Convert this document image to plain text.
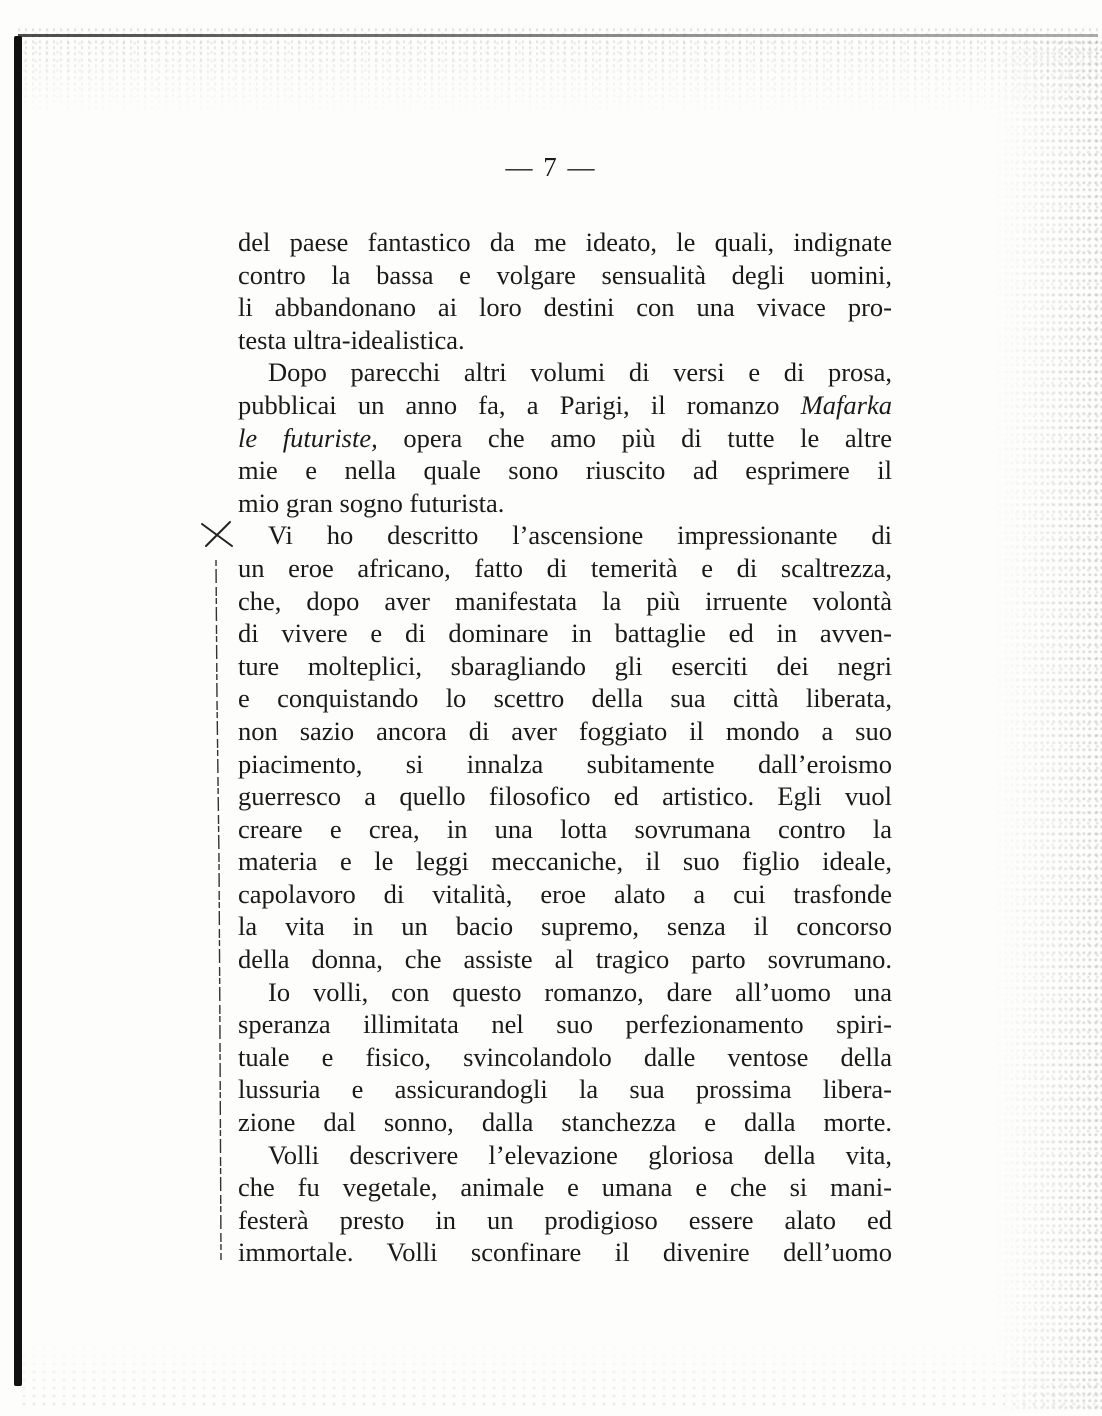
— 7 —
del paese fantastico da me ideato, le quali, indignate
contro la bassa e volgare sensualità degli uomini,
li abbandonano ai loro destini con una vivace pro-
testa ultra-idealistica.
Dopo parecchi altri volumi di versi e di prosa,
pubblicai un anno fa, a Parigi, il romanzo Mafarka
le futuriste, opera che amo più di tutte le altre
mie e nella quale sono riuscito ad esprimere il
mio gran sogno futurista.
Vi ho descritto l’ascensione impressionante di
un eroe africano, fatto di temerità e di scaltrezza,
che, dopo aver manifestata la più irruente volontà
di vivere e di dominare in battaglie ed in avven-
ture molteplici, sbaragliando gli eserciti dei negri
e conquistando lo scettro della sua città liberata,
non sazio ancora di aver foggiato il mondo a suo
piacimento, si innalza subitamente dall’eroismo
guerresco a quello filosofico ed artistico. Egli vuol
creare e crea, in una lotta sovrumana contro la
materia e le leggi meccaniche, il suo figlio ideale,
capolavoro di vitalità, eroe alato a cui trasfonde
la vita in un bacio supremo, senza il concorso
della donna, che assiste al tragico parto sovrumano.
Io volli, con questo romanzo, dare all’uomo una
speranza illimitata nel suo perfezionamento spiri-
tuale e fisico, svincolandolo dalle ventose della
lussuria e assicurandogli la sua prossima libera-
zione dal sonno, dalla stanchezza e dalla morte.
Volli descrivere l’elevazione gloriosa della vita,
che fu vegetale, animale e umana e che si mani-
festerà presto in un prodigioso essere alato ed
immortale. Volli sconfinare il divenire dell’uomo
